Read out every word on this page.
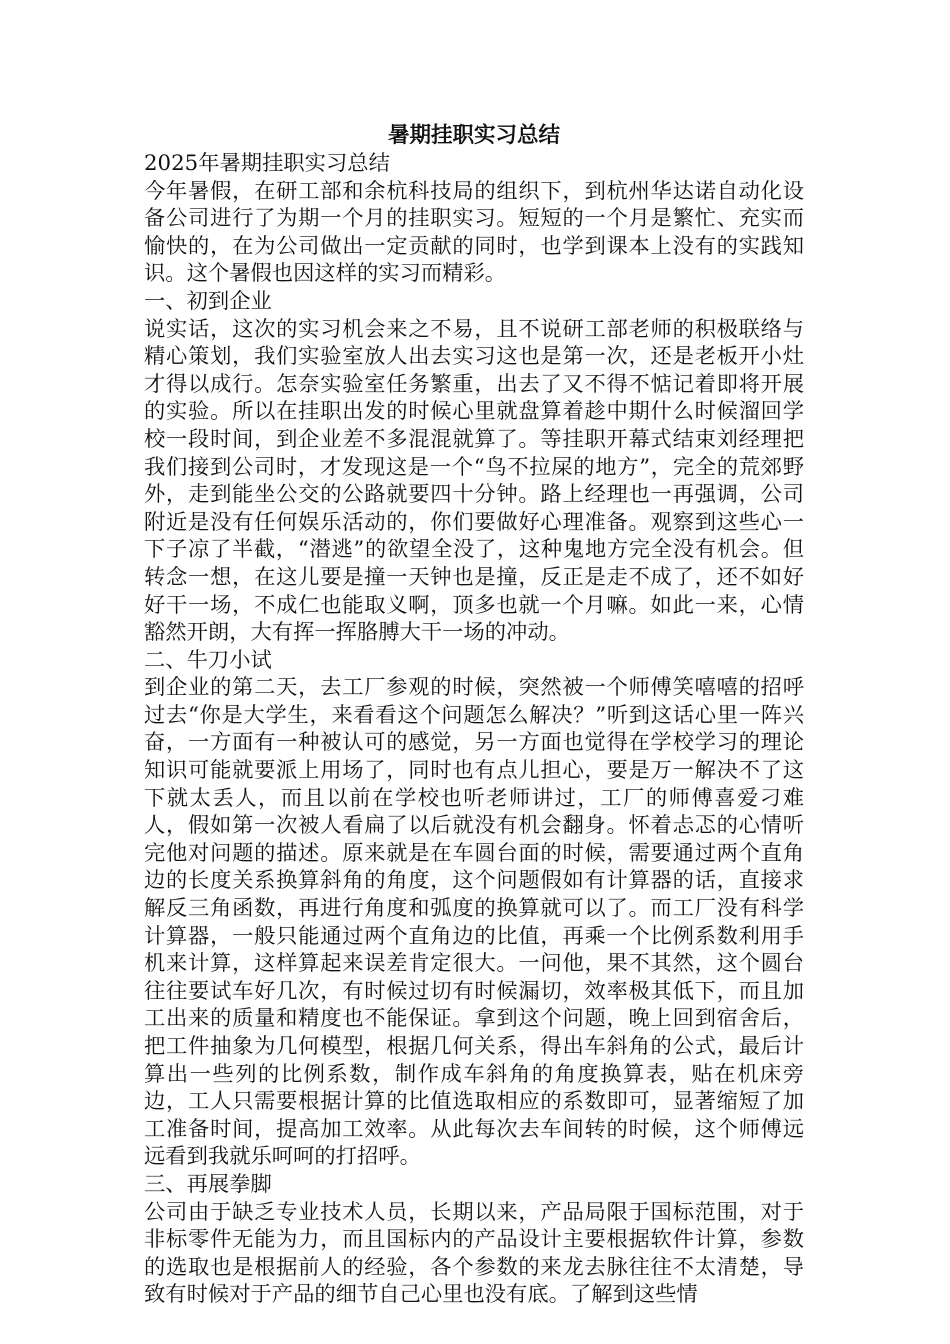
暑期挂职实习总结

2025年暑期挂职实习总结

今年暑假，在研工部和余杭科技局的组织下，到杭州华达诺自动化设备公司进行了为期一个月的挂职实习。短短的一个月是繁忙、充实而愉快的，在为公司做出一定贡献的同时，也学到课本上没有的实践知识。这个暑假也因这样的实习而精彩。

一、初到企业

说实话，这次的实习机会来之不易，且不说研工部老师的积极联络与精心策划，我们实验室放人出去实习这也是第一次，还是老板开小灶才得以成行。怎奈实验室任务繁重，出去了又不得不惦记着即将开展的实验。所以在挂职出发的时候心里就盘算着趁中期什么时候溜回学校一段时间，到企业差不多混混就算了。等挂职开幕式结束刘经理把我们接到公司时，才发现这是一个“鸟不拉屎的地方”，完全的荒郊野外，走到能坐公交的公路就要四十分钟。路上经理也一再强调，公司附近是没有任何娱乐活动的，你们要做好心理准备。观察到这些心一下子凉了半截，“潜逃”的欲望全没了，这种鬼地方完全没有机会。但转念一想，在这儿要是撞一天钟也是撞，反正是走不成了，还不如好好干一场，不成仁也能取义啊，顶多也就一个月嘛。如此一来，心情豁然开朗，大有挥一挥胳膊大干一场的冲动。

二、牛刀小试

到企业的第二天，去工厂参观的时候，突然被一个师傅笑嘻嘻的招呼过去“你是大学生，来看看这个问题怎么解决？”听到这话心里一阵兴奋，一方面有一种被认可的感觉，另一方面也觉得在学校学习的理论知识可能就要派上用场了，同时也有点儿担心，要是万一解决不了这下就太丢人，而且以前在学校也听老师讲过，工厂的师傅喜爱刁难人，假如第一次被人看扁了以后就没有机会翻身。怀着忐忑的心情听完他对问题的描述。原来就是在车圆台面的时候，需要通过两个直角边的长度关系换算斜角的角度，这个问题假如有计算器的话，直接求解反三角函数，再进行角度和弧度的换算就可以了。而工厂没有科学计算器，一般只能通过两个直角边的比值，再乘一个比例系数利用手机来计算，这样算起来误差肯定很大。一问他，果不其然，这个圆台往往要试车好几次，有时候过切有时候漏切，效率极其低下，而且加工出来的质量和精度也不能保证。拿到这个问题，晚上回到宿舍后，把工件抽象为几何模型，根据几何关系，得出车斜角的公式，最后计算出一些列的比例系数，制作成车斜角的角度换算表，贴在机床旁边，工人只需要根据计算的比值选取相应的系数即可，显著缩短了加工准备时间，提高加工效率。从此每次去车间转的时候，这个师傅远远看到我就乐呵呵的打招呼。

三、再展拳脚

公司由于缺乏专业技术人员，长期以来，产品局限于国标范围，对于非标零件无能为力，而且国标内的产品设计主要根据软件计算，参数的选取也是根据前人的经验，各个参数的来龙去脉往往不太清楚，导致有时候对于产品的细节自己心里也没有底。了解到这些情
